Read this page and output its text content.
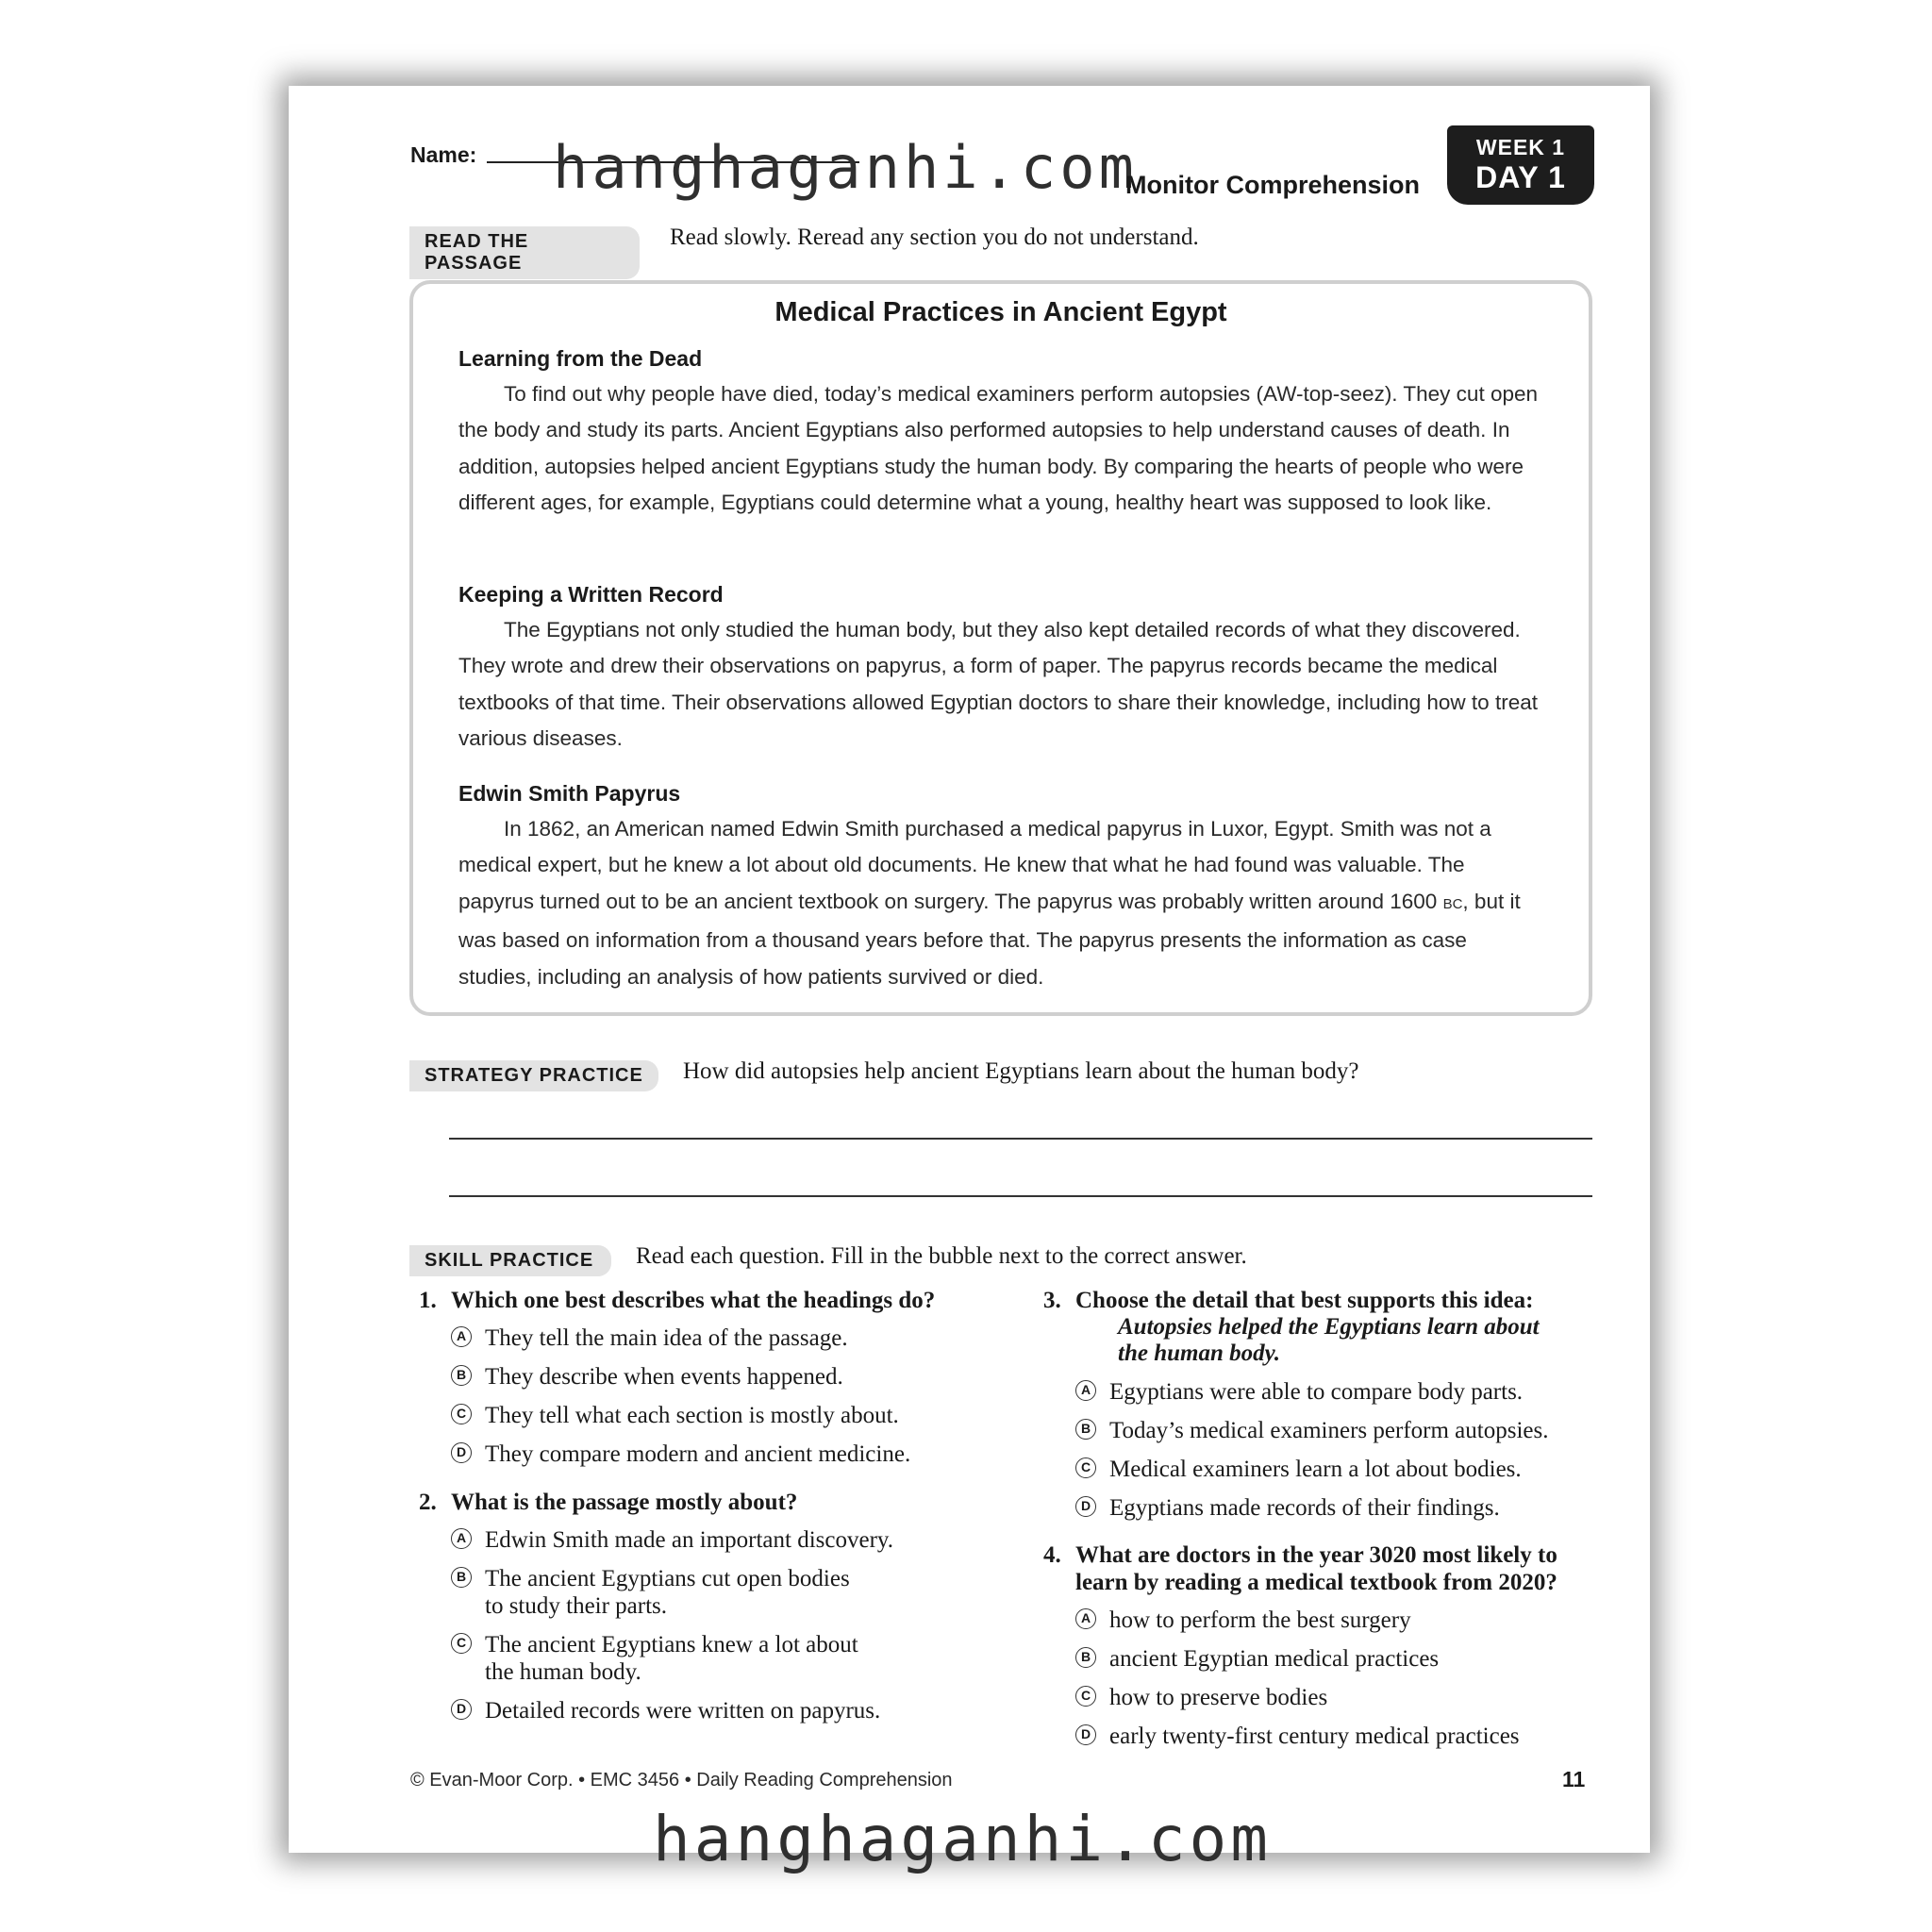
Name: hanghaganhi.com
Monitor Comprehension
WEEK 1
DAY 1
READ THE PASSAGE
Read slowly. Reread any section you do not understand.
Medical Practices in Ancient Egypt
Learning from the Dead
To find out why people have died, today’s medical examiners perform autopsies (AW-top-seez). They cut open the body and study its parts. Ancient Egyptians also performed autopsies to help understand causes of death. In addition, autopsies helped ancient Egyptians study the human body. By comparing the hearts of people who were different ages, for example, Egyptians could determine what a young, healthy heart was supposed to look like.
Keeping a Written Record
The Egyptians not only studied the human body, but they also kept detailed records of what they discovered. They wrote and drew their observations on papyrus, a form of paper. The papyrus records became the medical textbooks of that time. Their observations allowed Egyptian doctors to share their knowledge, including how to treat various diseases.
Edwin Smith Papyrus
In 1862, an American named Edwin Smith purchased a medical papyrus in Luxor, Egypt. Smith was not a medical expert, but he knew a lot about old documents. He knew that what he had found was valuable. The papyrus turned out to be an ancient textbook on surgery. The papyrus was probably written around 1600 BC, but it was based on information from a thousand years before that. The papyrus presents the information as case studies, including an analysis of how patients survived or died.
STRATEGY PRACTICE	How did autopsies help ancient Egyptians learn about the human body?
SKILL PRACTICE	Read each question. Fill in the bubble next to the correct answer.
1. Which one best describes what the headings do?
A They tell the main idea of the passage.
B They describe when events happened.
C They tell what each section is mostly about.
D They compare modern and ancient medicine.
2. What is the passage mostly about?
A Edwin Smith made an important discovery.
B The ancient Egyptians cut open bodies
to study their parts.
C The ancient Egyptians knew a lot about
the human body.
D Detailed records were written on papyrus.
3. Choose the detail that best supports this idea:
Autopsies helped the Egyptians learn about
the human body.
A Egyptians were able to compare body parts.
B Today’s medical examiners perform autopsies.
C Medical examiners learn a lot about bodies.
D Egyptians made records of their findings.
4. What are doctors in the year 3020 most likely to
learn by reading a medical textbook from 2020?
A how to perform the best surgery
B ancient Egyptian medical practices
C how to preserve bodies
D early twenty-first century medical practices
© Evan-Moor Corp. • EMC 3456 • Daily Reading Comprehension	11
hanghaganhi.com
